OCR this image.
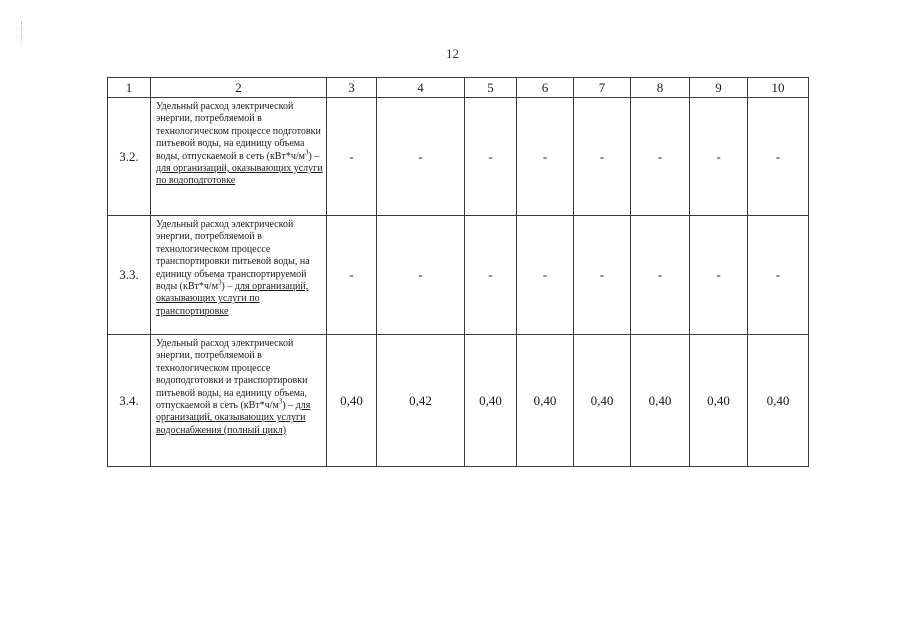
12
1	2	3	4	5	6	7	8	9	10
3.2.	Удельный расход электрической энергии, потребляемой в технологическом процессе подготовки питьевой воды, на единицу объема воды, отпускаемой в сеть $(кВт*ч/м^3)$ – для организаций, оказывающих услуги по водоподготовке	-	-	-	-	-	-	-	-
3.3.	Удельный расход электрической энергии, потребляемой в технологическом процессе транспортировки питьевой воды, на единицу объема транспортируемой воды $(кВт*ч/м^3)$ – для организаций, оказывающих услуги по транспортировке	-	-	-	-	-	-	-	-
3.4.	Удельный расход электрической энергии, потребляемой в технологическом процессе водоподготовки и транспортировки питьевой воды, на единицу объема, отпускаемой в сеть $(кВт*ч/м^3)$ – для организаций, оказывающих услуги водоснабжения (полный цикл)	0,40	0,42	0,40	0,40	0,40	0,40	0,40	0,40
